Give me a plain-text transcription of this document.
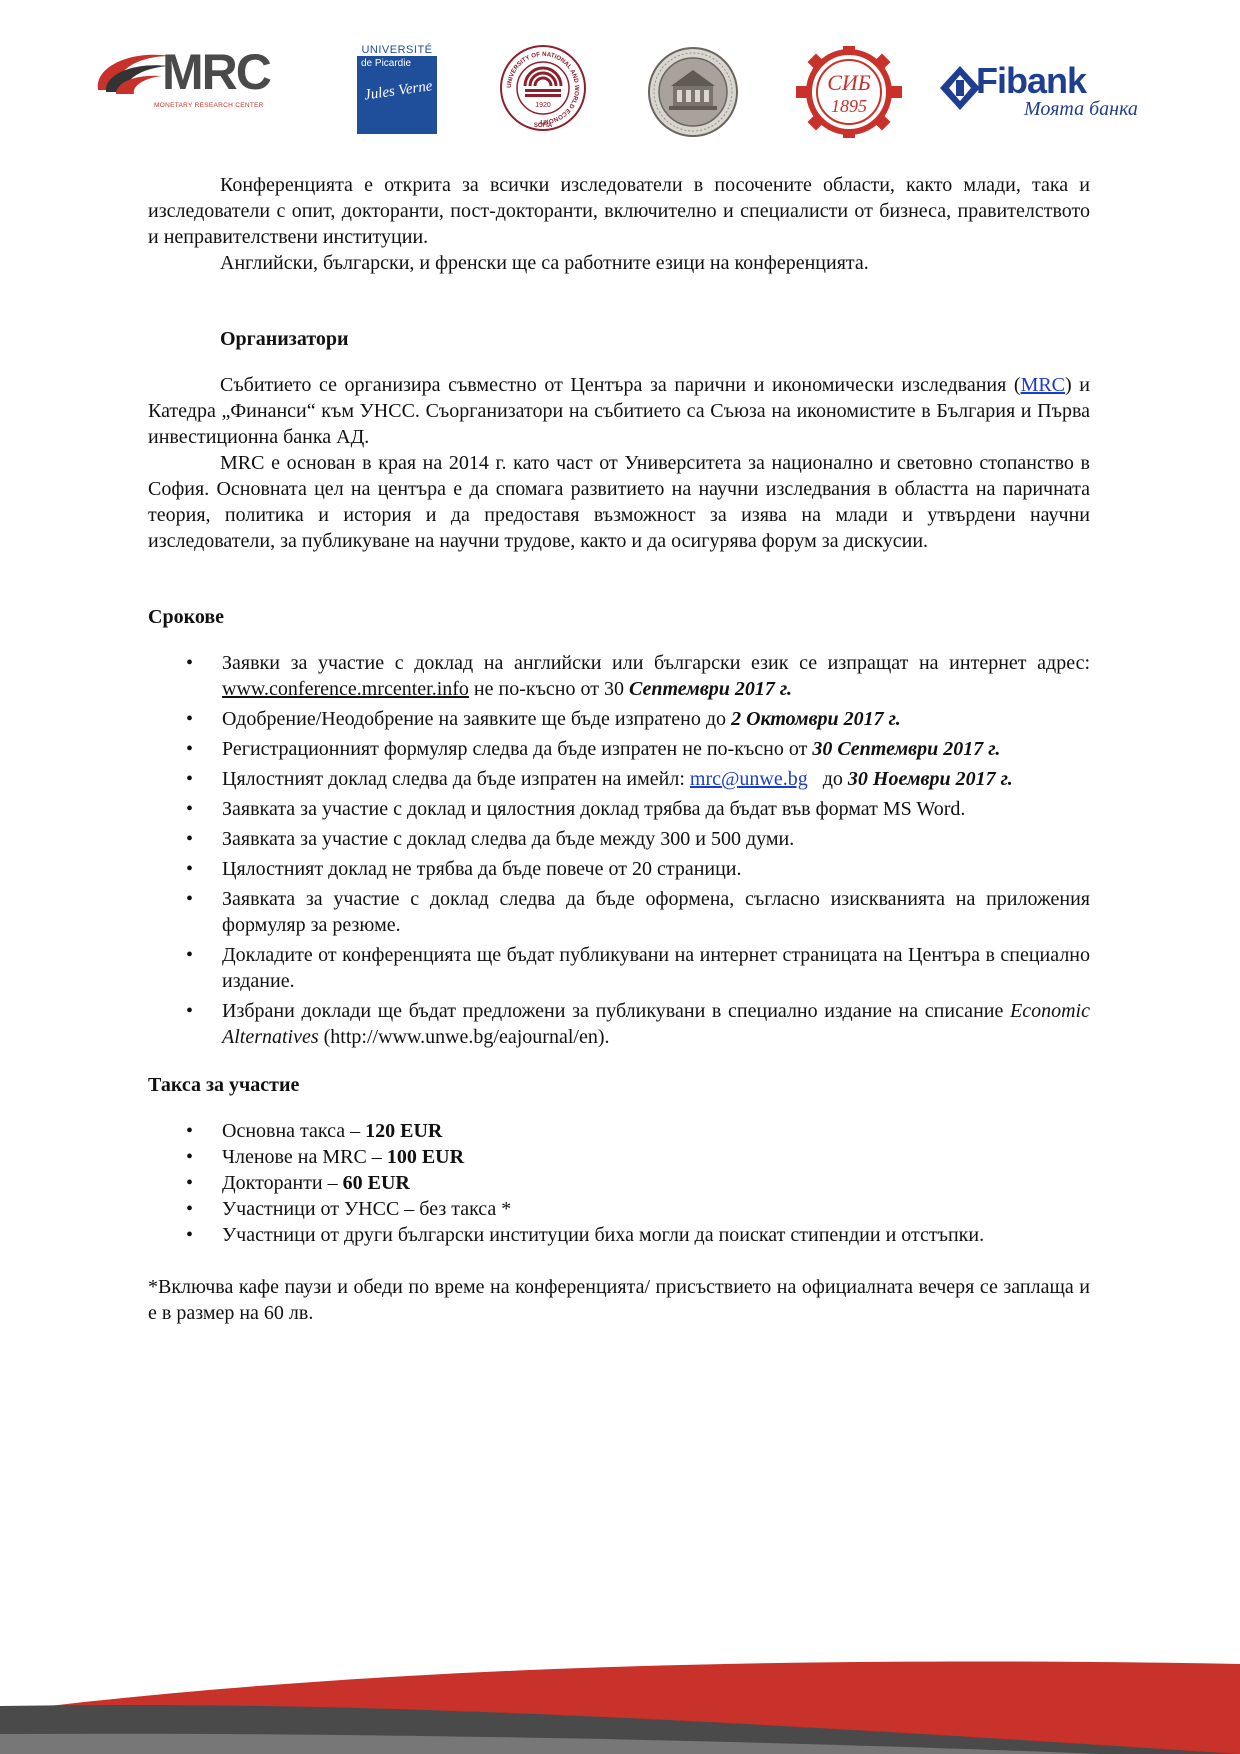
MRC
MONETARY RESEARCH CENTER
UNIVERSITÉ
de Picardie
Jules Verne	UNIVERSITY OF NATIONAL AND WORLD ECONOMY
1920
SOFIA
СИБ
1895
Fibank
Моята банка

Конференцията е открита за всички изследователи в посочените области, както млади, така и изследователи с опит, докторанти, пост-докторанти, включително и специалисти от бизнеса, правителството и неправителствени институции.

Английски, български, и френски ще са работните езици на конференцията.

Организатори

Събитието се организира съвместно от Центъра за парични и икономически изследвания (MRC) и Катедра „Финанси“ към УНСС. Съорганизатори на събитието са Съюза на икономистите в България и Първа инвестиционна банка АД.

MRC е основан в края на 2014 г. като част от Университета за национално и световно стопанство в София. Основната цел на центъра е да спомага развитието на научни изследвания в областта на паричната теория, политика и история и да предоставя възможност за изява на млади и утвърдени научни изследователи, за публикуване на научни трудове, както и да осигурява форум за дискусии.

Срокове
• Заявки за участие с доклад на английски или български език се изпращат на интернет адрес: www.conference.mrcenter.info не по-късно от 30 Септември 2017 г.
• Одобрение/Неодобрение на заявките ще бъде изпратено до 2 Октомври 2017 г.
• Регистрационният формуляр следва да бъде изпратен не по-късно от 30 Септември 2017 г.
• Цялостният доклад следва да бъде изпратен на имейл: mrc@unwe.bg   до 30 Ноември 2017 г.
• Заявката за участие с доклад и цялостния доклад трябва да бъдат във формат MS Word.
• Заявката за участие с доклад следва да бъде между 300 и 500 думи.
• Цялостният доклад не трябва да бъде повече от 20 страници.
• Заявката за участие с доклад следва да бъде оформена, съгласно изискванията на приложения формуляр за резюме.
• Докладите от конференцията ще бъдат публикувани на интернет страницата на Центъра в специално издание.
• Избрани доклади ще бъдат предложени за публикувани в специално издание на списание Economic Alternatives (http://www.unwe.bg/eajournal/en).
Такса за участие
• Основна такса – 120 EUR
• Членове на MRC – 100 EUR
• Докторанти – 60 EUR
• Участници от УНСС – без такса *
• Участници от други български институции биха могли да поискат стипендии и отстъпки.

*Включва кафе паузи и обеди по време на конференцията/ присъствието на официалната вечеря се заплаща и е в размер на 60 лв.
